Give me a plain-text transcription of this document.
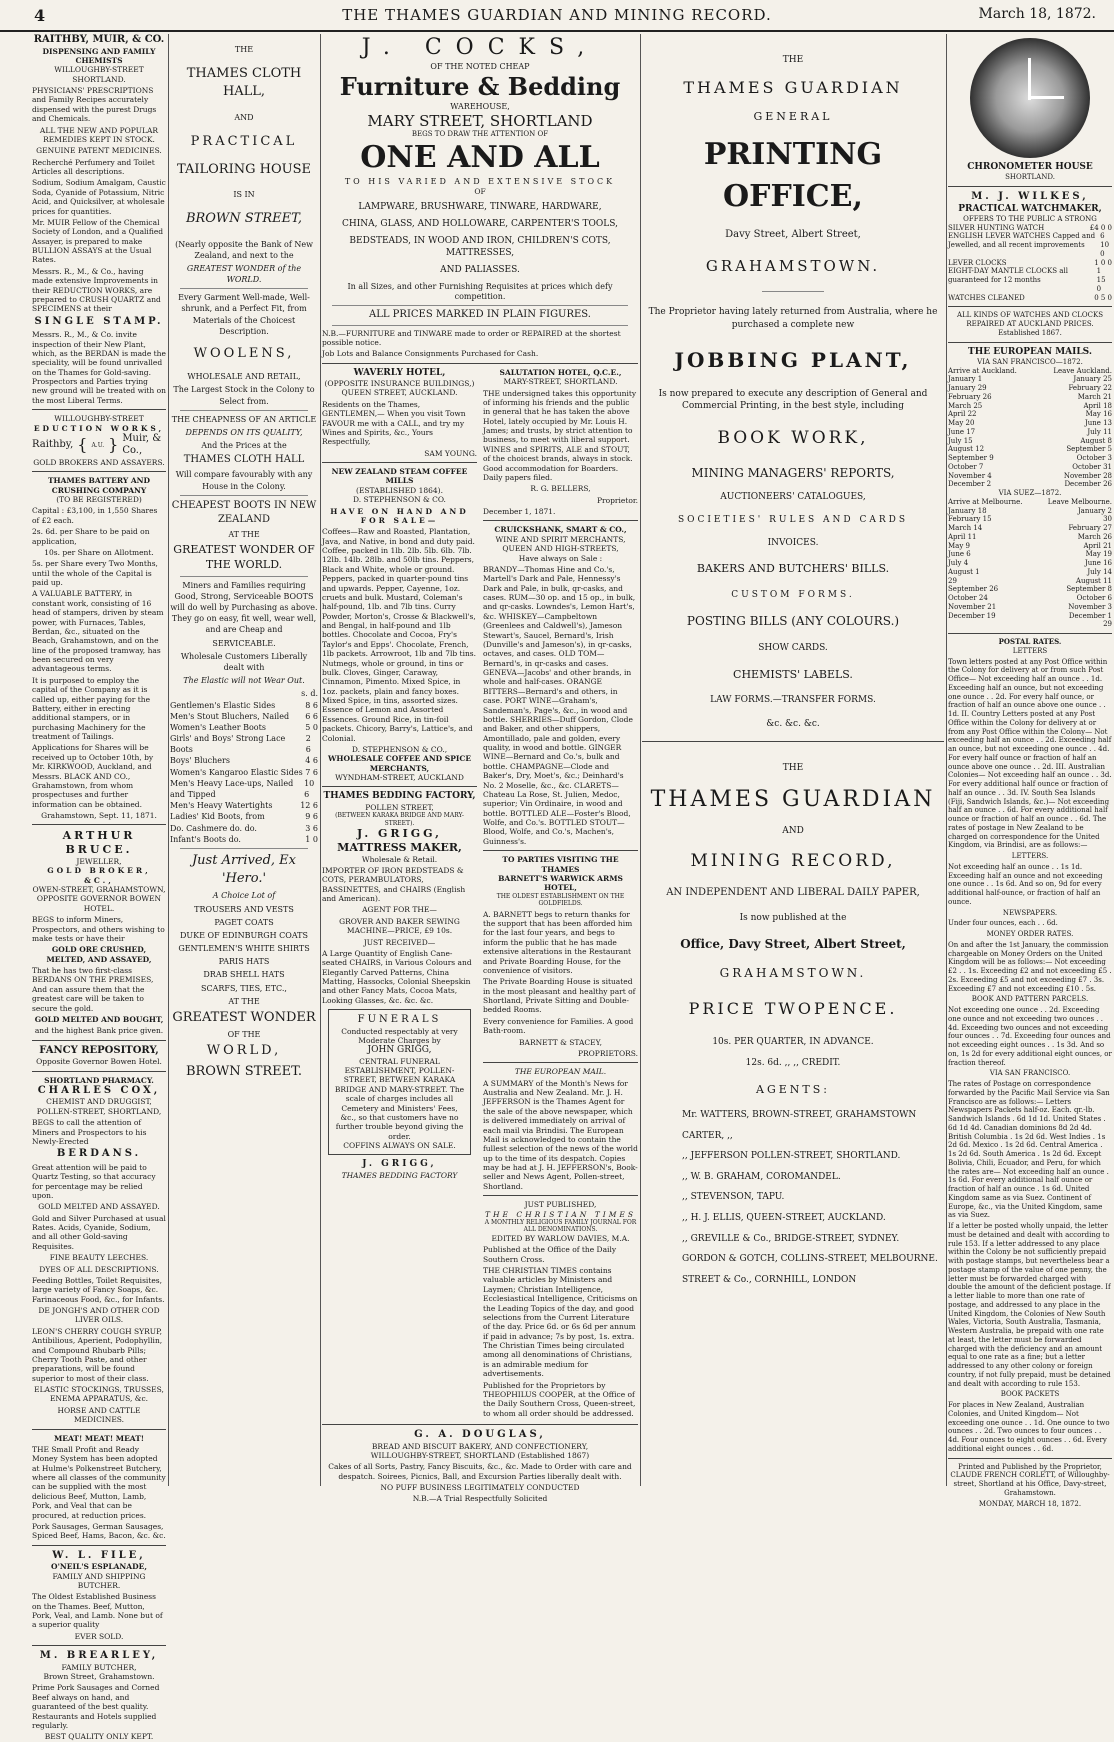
4	THE THAMES GUARDIAN AND MINING RECORD.	March 18, 1872.
RAITHBY, MUIR, & CO.
DISPENSING AND FAMILY CHEMISTS
WILLOUGHBY-STREET SHORTLAND.

PHYSICIANS' PRESCRIPTIONS and Family Recipes accurately dispensed with the purest Drugs and Chemicals.

ALL THE NEW AND POPULAR REMEDIES KEPT IN STOCK.

GENUINE PATENT MEDICINES.

Recherché Perfumery and Toilet Articles all descriptions.

Sodium, Sodium Amalgam, Caustic Soda, Cyanide of Potassium, Nitric Acid, and Quicksilver, at wholesale prices for quantities.

Mr. MUIR Fellow of the Chemical Society of London, and a Qualified Assayer, is prepared to make BULLION ASSAYS at the Usual Rates.

Messrs. R., M., & Co., having made extensive Improvements in their REDUCTION WORKS, are prepared to CRUSH QUARTZ and SPECIMENS at their

SINGLE STAMP.

Messrs. R., M., & Co. invite inspection of their New Plant, which, as the BERDAN is made the speciality, will be found unrivalled on the Thames for Gold-saving. Prospectors and Parties trying new ground will be treated with on the most Liberal Terms.

WILLOUGHBY-STREET
EDUCTION WORKS,
Raithby, { A.U. } Muir, & Co.,
GOLD BROKERS AND ASSAYERS.
THAMES BATTERY AND CRUSHING COMPANY
(TO BE REGISTERED)

Capital : £3,100, in 1,550 Shares of £2 each.

2s. 6d. per Share to be paid on application,

10s. per Share on Allotment.

5s. per Share every Two Months, until the whole of the Capital is paid up.

A VALUABLE BATTERY, in constant work, consisting of 16 head of stampers, driven by steam power, with Furnaces, Tables, Berdan, &c., situated on the Beach, Grahamstown, and on the line of the proposed tramway, has been secured on very advantageous terms.

It is purposed to employ the capital of the Company as it is called up, either paying for the Battery, either in erecting additional stampers, or in purchasing Machinery for the treatment of Tailings.

Applications for Shares will be received up to October 10th, by Mr. KIRKWOOD, Auckland, and Messrs. BLACK AND CO., Grahamstown, from whom prospectuses and further information can be obtained.

Grahamstown, Sept. 11, 1871.

ARTHUR BRUCE.
JEWELLER,
GOLD BROKER, &C.,
OWEN-STREET, GRAHAMSTOWN, OPPOSITE GOVERNOR BOWEN HOTEL.

BEGS to inform Miners, Prospectors, and others wishing to make tests or have their

GOLD ORE CRUSHED, MELTED, AND ASSAYED,

That he has two first-class BERDANS ON THE PREMISES, And can assure them that the greatest care will be taken to secure the gold.

GOLD MELTED AND BOUGHT,

and the highest Bank price given.

FANCY REPOSITORY,
Opposite Governor Bowen Hotel.
SHORTLAND PHARMACY.
CHARLES COX,
CHEMIST AND DRUGGIST,
POLLEN-STREET, SHORTLAND,

BEGS to call the attention of Miners and Prospectors to his Newly-Erected

BERDANS.

Great attention will be paid to Quartz Testing, so that accuracy for percentage may be relied upon.

GOLD MELTED AND ASSAYED.

Gold and Silver Purchased at usual Rates. Acids, Cyanide, Sodium, and all other Gold-saving Requisites.

FINE BEAUTY LEECHES.

DYES OF ALL DESCRIPTIONS.

Feeding Bottles, Toilet Requisites, large variety of Fancy Soaps, &c. Farinaceous Food, &c., for Infants.

DE JONGH'S AND OTHER COD LIVER OILS.

LEON'S CHERRY COUGH SYRUP, Antibilious, Aperient, Podophyllin, and Compound Rhubarb Pills; Cherry Tooth Paste, and other preparations, will be found superior to most of their class.

ELASTIC STOCKINGS, TRUSSES, ENEMA APPARATUS, &c.

HORSE AND CATTLE MEDICINES.

MEAT! MEAT! MEAT!

THE Small Profit and Ready Money System has been adopted at Hulme's Polkenstreet Butchery, where all classes of the community can be supplied with the most delicious Beef, Mutton, Lamb, Pork, and Veal that can be procured, at reduction prices.

Pork Sausages, German Sausages, Spiced Beef, Hams, Bacon, &c. &c.

W. L. FILE,
O'NEIL'S ESPLANADE,
FAMILY AND SHIPPING BUTCHER.

The Oldest Established Business on the Thames. Beef, Mutton, Pork, Veal, and Lamb. None but of a superior quality

EVER SOLD.

M. BREARLEY,
FAMILY BUTCHER,
Brown Street, Grahamstown.

Prime Pork Sausages and Corned Beef always on hand, and guaranteed of the best quality. Restaurants and Hotels supplied regularly.

BEST QUALITY ONLY KEPT.

THE
THAMES CLOTH HALL,
AND
PRACTICAL
TAILORING HOUSE
IS IN
BROWN STREET,

(Nearly opposite the Bank of New Zealand, and next to the

GREATEST WONDER of the WORLD.

Every Garment Well-made, Well-shrunk, and a Perfect Fit, from Materials of the Choicest Description.

WOOLENS,
WHOLESALE AND RETAIL,

The Largest Stock in the Colony to Select from.

THE CHEAPNESS OF AN ARTICLE

DEPENDS ON ITS QUALITY,

And the Prices at the

THAMES CLOTH HALL

Will compare favourably with any House in the Colony.

CHEAPEST BOOTS IN NEW ZEALAND

AT THE

GREATEST WONDER OF THE WORLD.

Miners and Families requiring Good, Strong, Serviceable BOOTS will do well by Purchasing as above. They go on easy, fit well, wear well, and are Cheap and

SERVICEABLE.

Wholesale Customers Liberally dealt with

The Elastic will not Wear Out.

s. d.
Gentlemen's Elastic Sides	8 6
Men's Stout Bluchers, Nailed 6 6
Women's Leather Boots	5 0
Girls' and Boys' Strong Lace Boots
2 6
Boys' Bluchers	4 6
Women's Kangaroo Elastic Sides 7 6
Men's Heavy Lace-ups, Nailed and Tipped
10 6
Men's Heavy Watertights	12 6
Ladies' Kid Boots, from	9 6
Do. Cashmere do. do.	3 6
Infant's Boots do.	1 0

Just Arrived, Ex 'Hero.'

A Choice Lot of

TROUSERS AND VESTS
PAGET COATS
DUKE OF EDINBURGH COATS
GENTLEMEN'S WHITE SHIRTS
PARIS HATS
DRAB SHELL HATS
SCARFS, TIES, ETC.,

AT THE

GREATEST WONDER

OF THE

WORLD,

BROWN STREET.

J. COCKS,
OF THE NOTED CHEAP
Furniture & Bedding
WAREHOUSE,
MARY STREET, SHORTLAND
BEGS TO DRAW THE ATTENTION OF
ONE AND ALL
TO HIS VARIED AND EXTENSIVE STOCK
OF
LAMPWARE, BRUSHWARE, TINWARE, HARDWARE,
CHINA, GLASS, AND HOLLOWARE, CARPENTER'S TOOLS,
BEDSTEADS, IN WOOD AND IRON, CHILDREN'S COTS, MATTRESSES,
AND PALIASSES.
In all Sizes, and other Furnishing Requisites at prices which defy competition.
ALL PRICES MARKED IN PLAIN FIGURES.

N.B.—FURNITURE and TINWARE made to order or REPAIRED at the shortest possible notice.

Job Lots and Balance Consignments Purchased for Cash.

WAVERLY HOTEL,
(OPPOSITE INSURANCE BUILDINGS,) QUEEN STREET, AUCKLAND.

Residents on the Thames, GENTLEMEN,— When you visit Town FAVOUR me with a CALL, and try my Wines and Spirits, &c., Yours Respectfully,

SAM YOUNG.

NEW ZEALAND STEAM COFFEE MILLS
(ESTABLISHED 1864).
D. STEPHENSON & CO.

HAVE ON HAND AND FOR SALE—

Coffees—Raw and Roasted, Plantation, Java, and Native, in bond and duty paid. Coffee, packed in 1lb. 2lb. 5lb. 6lb. 7lb. 12lb. 14lb. 28lb. and 50lb tins. Peppers, Black and White, whole or ground. Peppers, packed in quarter-pound tins and upwards. Pepper, Cayenne, 1oz. cruets and bulk. Mustard, Coleman's half-pound, 1lb. and 7lb tins. Curry Powder, Morton's, Crosse & Blackwell's, and Bengal, in half-pound and 1lb bottles. Chocolate and Cocoa, Fry's Taylor's and Epps'. Chocolate, French, 1lb packets. Arrowroot, 1lb and 7lb tins. Nutmegs, whole or ground, in tins or bulk. Cloves, Ginger, Caraway, Cinnamon, Pimento. Mixed Spice, in 1oz. packets, plain and fancy boxes. Mixed Spice, in tins, assorted sizes. Essence of Lemon and Assorted Essences. Ground Rice, in tin-foil packets. Chicory, Barry's, Lattice's, and Colonial.

D. STEPHENSON & CO.,
WHOLESALE COFFEE AND SPICE MERCHANTS,
WYNDHAM-STREET, AUCKLAND
THAMES BEDDING FACTORY,
POLLEN STREET,
(BETWEEN KARAKA BRIDGE AND MARY-STREET).
J. GRIGG,
MATTRESS MAKER,
Wholesale & Retail.

IMPORTER OF IRON BEDSTEADS & COTS, PERAMBULATORS, BASSINETTES, and CHAIRS (English and American).

AGENT FOR THE—

GROVER AND BAKER SEWING MACHINE—PRICE, £9 10s.

JUST RECEIVED—

A Large Quantity of English Cane-seated CHAIRS, in Various Colours and Elegantly Carved Patterns, China Matting, Hassocks, Colonial Sheepskin and other Fancy Mats, Cocoa Mats, Looking Glasses, &c. &c. &c.

FUNERALS
Conducted respectably at very Moderate Charges by
JOHN GRIGG,
CENTRAL FUNERAL ESTABLISHMENT, POLLEN-STREET, BETWEEN KARAKA BRIDGE AND MARY-STREET. The scale of charges includes all Cemetery and Ministers' Fees, &c., so that customers have no further trouble beyond giving the order.
COFFINS ALWAYS ON SALE.
J. GRIGG,
THAMES BEDDING FACTORY
SALUTATION HOTEL, Q.C.E.,
MARY-STREET, SHORTLAND.

THE undersigned takes this opportunity of informing his friends and the public in general that he has taken the above Hotel, lately occupied by Mr. Louis H. James; and trusts, by strict attention to business, to meet with liberal support. WINES and SPIRITS, ALE and STOUT, of the choicest brands, always in stock. Good accommodation for Boarders. Daily papers filed.

R. G. BELLERS,

Proprietor.

December 1, 1871.

CRUICKSHANK, SMART & CO.,
WINE AND SPIRIT MERCHANTS,
QUEEN AND HIGH-STREETS,
Have always on Sale :

BRANDY—Thomas Hine and Co.'s, Martell's Dark and Pale, Hennessy's Dark and Pale, in bulk, qr-casks, and cases. RUM—30 op. and 15 op., in bulk, and qr-casks. Lowndes's, Lemon Hart's, &c. WHISKEY—Campbeltown (Greenlees and Caldwell's), Jameson Stewart's, Saucel, Bernard's, Irish (Dunville's and Jameson's), in qr-casks, octaves, and cases. OLD TOM—Bernard's, in qr-casks and cases. GENEVA—Jacobs' and other brands, in whole and half-cases. ORANGE BITTERS—Bernard's and others, in case. PORT WINE—Graham's, Sandeman's, Page's, &c., in wood and bottle. SHERRIES—Duff Gordon, Clode and Baker, and other shippers, Amontillado, pale and golden, every quality, in wood and bottle. GINGER WINE—Bernard and Co.'s, bulk and bottle. CHAMPAGNE—Clode and Baker's, Dry, Moet's, &c.; Deinhard's No. 2 Moselle, &c., &c. CLARETS—Chateau La Rose, St. Julien, Medoc, superior; Vin Ordinaire, in wood and bottle. BOTTLED ALE—Foster's Blood, Wolfe, and Co.'s. BOTTLED STOUT—Blood, Wolfe, and Co.'s, Machen's, Guinness's.

TO PARTIES VISITING THE THAMES
BARNETT'S WARWICK ARMS HOTEL,
THE OLDEST ESTABLISHMENT ON THE GOLDFIELDS.

A. BARNETT begs to return thanks for the support that has been afforded him for the last four years, and begs to inform the public that he has made extensive alterations in the Restaurant and Private Boarding House, for the convenience of visitors.

The Private Boarding House is situated in the most pleasant and healthy part of Shortland, Private Sitting and Double-bedded Rooms.

Every convenience for Families. A good Bath-room.

BARNETT & STACEY,

PROPRIETORS.

THE EUROPEAN MAIL.

A SUMMARY of the Month's News for Australia and New Zealand. Mr. J. H. JEFFERSON is the Thames Agent for the sale of the above newspaper, which is delivered immediately on arrival of each mail via Brindisi. The European Mail is acknowledged to contain the fullest selection of the news of the world up to the time of its despatch. Copies may be had at J. H. JEFFERSON's, Book-seller and News Agent, Pollen-street, Shortland.

JUST PUBLISHED,
THE CHRISTIAN TIMES
A MONTHLY RELIGIOUS FAMILY JOURNAL FOR ALL DENOMINATIONS.
EDITED BY WARLOW DAVIES, M.A.

Published at the Office of the Daily Southern Cross.

THE CHRISTIAN TIMES contains valuable articles by Ministers and Laymen; Christian Intelligence, Ecclesiastical Intelligence, Criticisms on the Leading Topics of the day, and good selections from the Current Literature of the day. Price 6d. or 6s 6d per annum if paid in advance; 7s by post, 1s. extra. The Christian Times being circulated among all denominations of Christians, is an admirable medium for advertisements.

Published for the Proprietors by THEOPHILUS COOPER, at the Office of the Daily Southern Cross, Queen-street, to whom all order should be addressed.

G. A. DOUGLAS,
BREAD AND BISCUIT BAKERY, AND CONFECTIONERY,
WILLOUGHBY-STREET, SHORTLAND (Established 1867)

Cakes of all Sorts, Pastry, Fancy Biscuits, &c., &c. Made to Order with care and despatch. Soirees, Picnics, Ball, and Excursion Parties liberally dealt with.

NO PUFF BUSINESS LEGITIMATELY CONDUCTED

N.B.—A Trial Respectfully Solicited

THE
THAMES GUARDIAN
GENERAL
PRINTING OFFICE,
Davy Street, Albert Street,
GRAHAMSTOWN.

The Proprietor having lately returned from Australia, where he purchased a complete new

JOBBING PLANT,

Is now prepared to execute any description of General and Commercial Printing, in the best style, including

BOOK WORK,
MINING MANAGERS' REPORTS,
AUCTIONEERS' CATALOGUES,
SOCIETIES' RULES AND CARDS
INVOICES.
BAKERS AND BUTCHERS' BILLS.
CUSTOM FORMS.
POSTING BILLS (ANY COLOURS.)
SHOW CARDS.
CHEMISTS' LABELS.
LAW FORMS.—TRANSFER FORMS.
&c. &c. &c.
THE
THAMES GUARDIAN
AND
MINING RECORD,
AN INDEPENDENT AND LIBERAL DAILY PAPER,
Is now published at the
Office, Davy Street, Albert Street,
GRAHAMSTOWN.
PRICE TWOPENCE.
10s. PER QUARTER, IN ADVANCE.
12s. 6d. ,, ,, CREDIT.
AGENTS:
Mr. WATTERS, BROWN-STREET, GRAHAMSTOWN
CARTER, ,,
,, JEFFERSON POLLEN-STREET, SHORTLAND.
,, W. B. GRAHAM, COROMANDEL.
,, STEVENSON, TAPU.
,, H. J. ELLIS, QUEEN-STREET, AUCKLAND.
,, GREVILLE & Co., BRIDGE-STREET, SYDNEY.
GORDON & GOTCH, COLLINS-STREET, MELBOURNE.
STREET & Co., CORNHILL, LONDON
CHRONOMETER HOUSE
SHORTLAND.
M. J. WILKES,
PRACTICAL WATCHMAKER,
OFFERS TO THE PUBLIC A STRONG
SILVER HUNTING WATCH	£4 0 0
ENGLISH LEVER WATCHES Capped and Jewelled, and all recent improvements
6 10 0
LEVER CLOCKS	1 0 0
EIGHT-DAY MANTLE CLOCKS all guaranteed for 12 months
1 15 0
WATCHES CLEANED	0 5 0
ALL KINDS OF WATCHES AND CLOCKS REPAIRED AT AUCKLAND PRICES.
Established 1867.
THE EUROPEAN MAILS.
VIA SAN FRANCISCO—1872.
Arrive at Auckland.	Leave Auckland.
January 1	January 25
January 29	February 22
February 26	March 21
March 25	April 18
April 22	May 16
May 20	June 13
June 17	July 11
July 15	August 8
August 12	September 5
September 9	October 3
October 7	October 31
November 4	November 28
December 2	December 26
VIA SUEZ—1872.
Arrive at Melbourne.	Leave Melbourne.
January 18	January 2
February 15	30
March 14	February 27
April 11	March 26
May 9	April 21
June 6	May 19
July 4	June 16
August 1	July 14
29	August 11
September 26	September 8
October 24	October 6
November 21	November 3
December 19	December 1
29
POSTAL RATES.
LETTERS

Town letters posted at any Post Office within the Colony for delivery at or from such Post Office— Not exceeding half an ounce . . 1d. Exceeding half an ounce, but not exceeding one ounce . . 2d. For every half ounce, or fraction of half an ounce above one ounce . . 1d. II. Country Letters posted at any Post Office within the Colony for delivery at or from any Post Office within the Colony— Not exceeding half an ounce . . 2d. Exceeding half an ounce, but not exceeding one ounce . . 4d. For every half ounce or fraction of half an ounce above one ounce . . 2d. III. Australian Colonies— Not exceeding half an ounce . . 3d. For every additional half ounce or fraction of half an ounce . . 3d. IV. South Sea Islands (Fiji, Sandwich Islands, &c.)— Not exceeding half an ounce . . 6d. For every additional half ounce or fraction of half an ounce . . 6d. The rates of postage in New Zealand to be charged on correspondence for the United Kingdom, via Brindisi, are as follows:—

LETTERS.

Not exceeding half an ounce . . 1s 1d. Exceeding half an ounce and not exceeding one ounce . . 1s 6d. And so on, 9d for every additional half-ounce, or fraction of half an ounce.

NEWSPAPERS.

Under four ounces, each . . 6d.

MONEY ORDER RATES.

On and after the 1st January, the commission chargeable on Money Orders on the United Kingdom will be as follows:— Not exceeding £2 . . 1s. Exceeding £2 and not exceeding £5 . 2s. Exceeding £5 and not exceeding £7 . 3s. Exceeding £7 and not exceeding £10 . 5s.

BOOK AND PATTERN PARCELS.

Not exceeding one ounce . . 2d. Exceeding one ounce and not exceeding two ounces . . 4d. Exceeding two ounces and not exceeding four ounces . . 7d. Exceeding four ounces and not exceeding eight ounces . . 1s 3d. And so on, 1s 2d for every additional eight ounces, or fraction thereof.

VIA SAN FRANCISCO.

The rates of Postage on correspondence forwarded by the Pacific Mail Service via San Francisco are as follows:— Letters Newspapers Packets half-oz. Each. qr.-lb. Sandwich Islands . 6d 1d 1d. United States . 6d 1d 4d. Canadian dominions 8d 2d 4d. British Columbia . 1s 2d 6d. West Indies . 1s 2d 6d. Mexico . 1s 2d 6d. Central America . 1s 2d 6d. South America . 1s 2d 6d. Except Bolivia, Chili, Ecuador, and Peru, for which the rates are— Not exceeding half an ounce . 1s 6d. For every additional half ounce or fraction of half an ounce . 1s 6d. United Kingdom same as via Suez. Continent of Europe, &c., via the United Kingdom, same as via Suez.

If a letter be posted wholly unpaid, the letter must be detained and dealt with according to rule 153. If a letter addressed to any place within the Colony be not sufficiently prepaid with postage stamps, but nevertheless bear a postage stamp of the value of one penny, the letter must be forwarded charged with double the amount of the deficient postage. If a letter liable to more than one rate of postage, and addressed to any place in the United Kingdom, the Colonies of New South Wales, Victoria, South Australia, Tasmania, Western Australia, be prepaid with one rate at least, the letter must be forwarded charged with the deficiency and an amount equal to one rate as a fine; but a letter addressed to any other colony or foreign country, if not fully prepaid, must be detained and dealt with according to rule 153.

BOOK PACKETS

For places in New Zealand, Australian Colonies, and United Kingdom— Not exceeding one ounce . . 1d. One ounce to two ounces . . 2d. Two ounces to four ounces . . 4d. Four ounces to eight ounces . . 6d. Every additional eight ounces . . 6d.

Printed and Published by the Proprietor, CLAUDE FRENCH CORLETT, of Willoughby-street, Shortland at his Office, Davy-street, Grahamstown.

MONDAY, MARCH 18, 1872.
